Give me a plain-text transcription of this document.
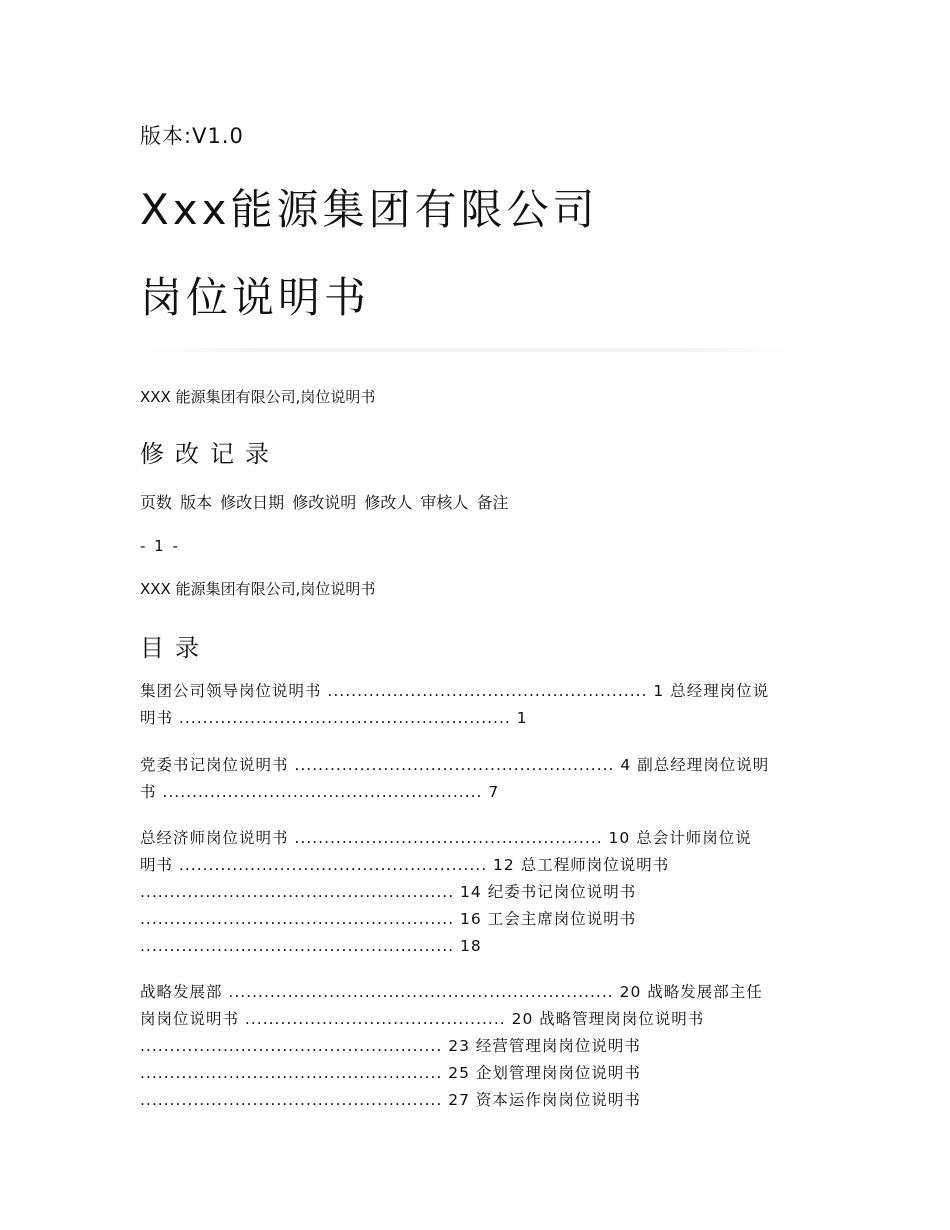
版本:V1.0
Xxx能源集团有限公司
岗位说明书
XXX 能源集团有限公司,岗位说明书
修改记录
页数 版本 修改日期 修改说明 修改人 审核人 备注
- 1 -
XXX 能源集团有限公司,岗位说明书
目录
集团公司领导岗位说明书 ...................................................... 1 总经理岗位说
明书 ........................................................ 1
党委书记岗位说明书 ...................................................... 4 副总经理岗位说明
书 ...................................................... 7
总经济师岗位说明书 .................................................... 10 总会计师岗位说
明书 .................................................... 12 总工程师岗位说明书
..................................................... 14 纪委书记岗位说明书
..................................................... 16 工会主席岗位说明书
..................................................... 18
战略发展部 ................................................................. 20 战略发展部主任
岗岗位说明书 ............................................ 20 战略管理岗岗位说明书
................................................... 23 经营管理岗岗位说明书
................................................... 25 企划管理岗岗位说明书
................................................... 27 资本运作岗岗位说明书
